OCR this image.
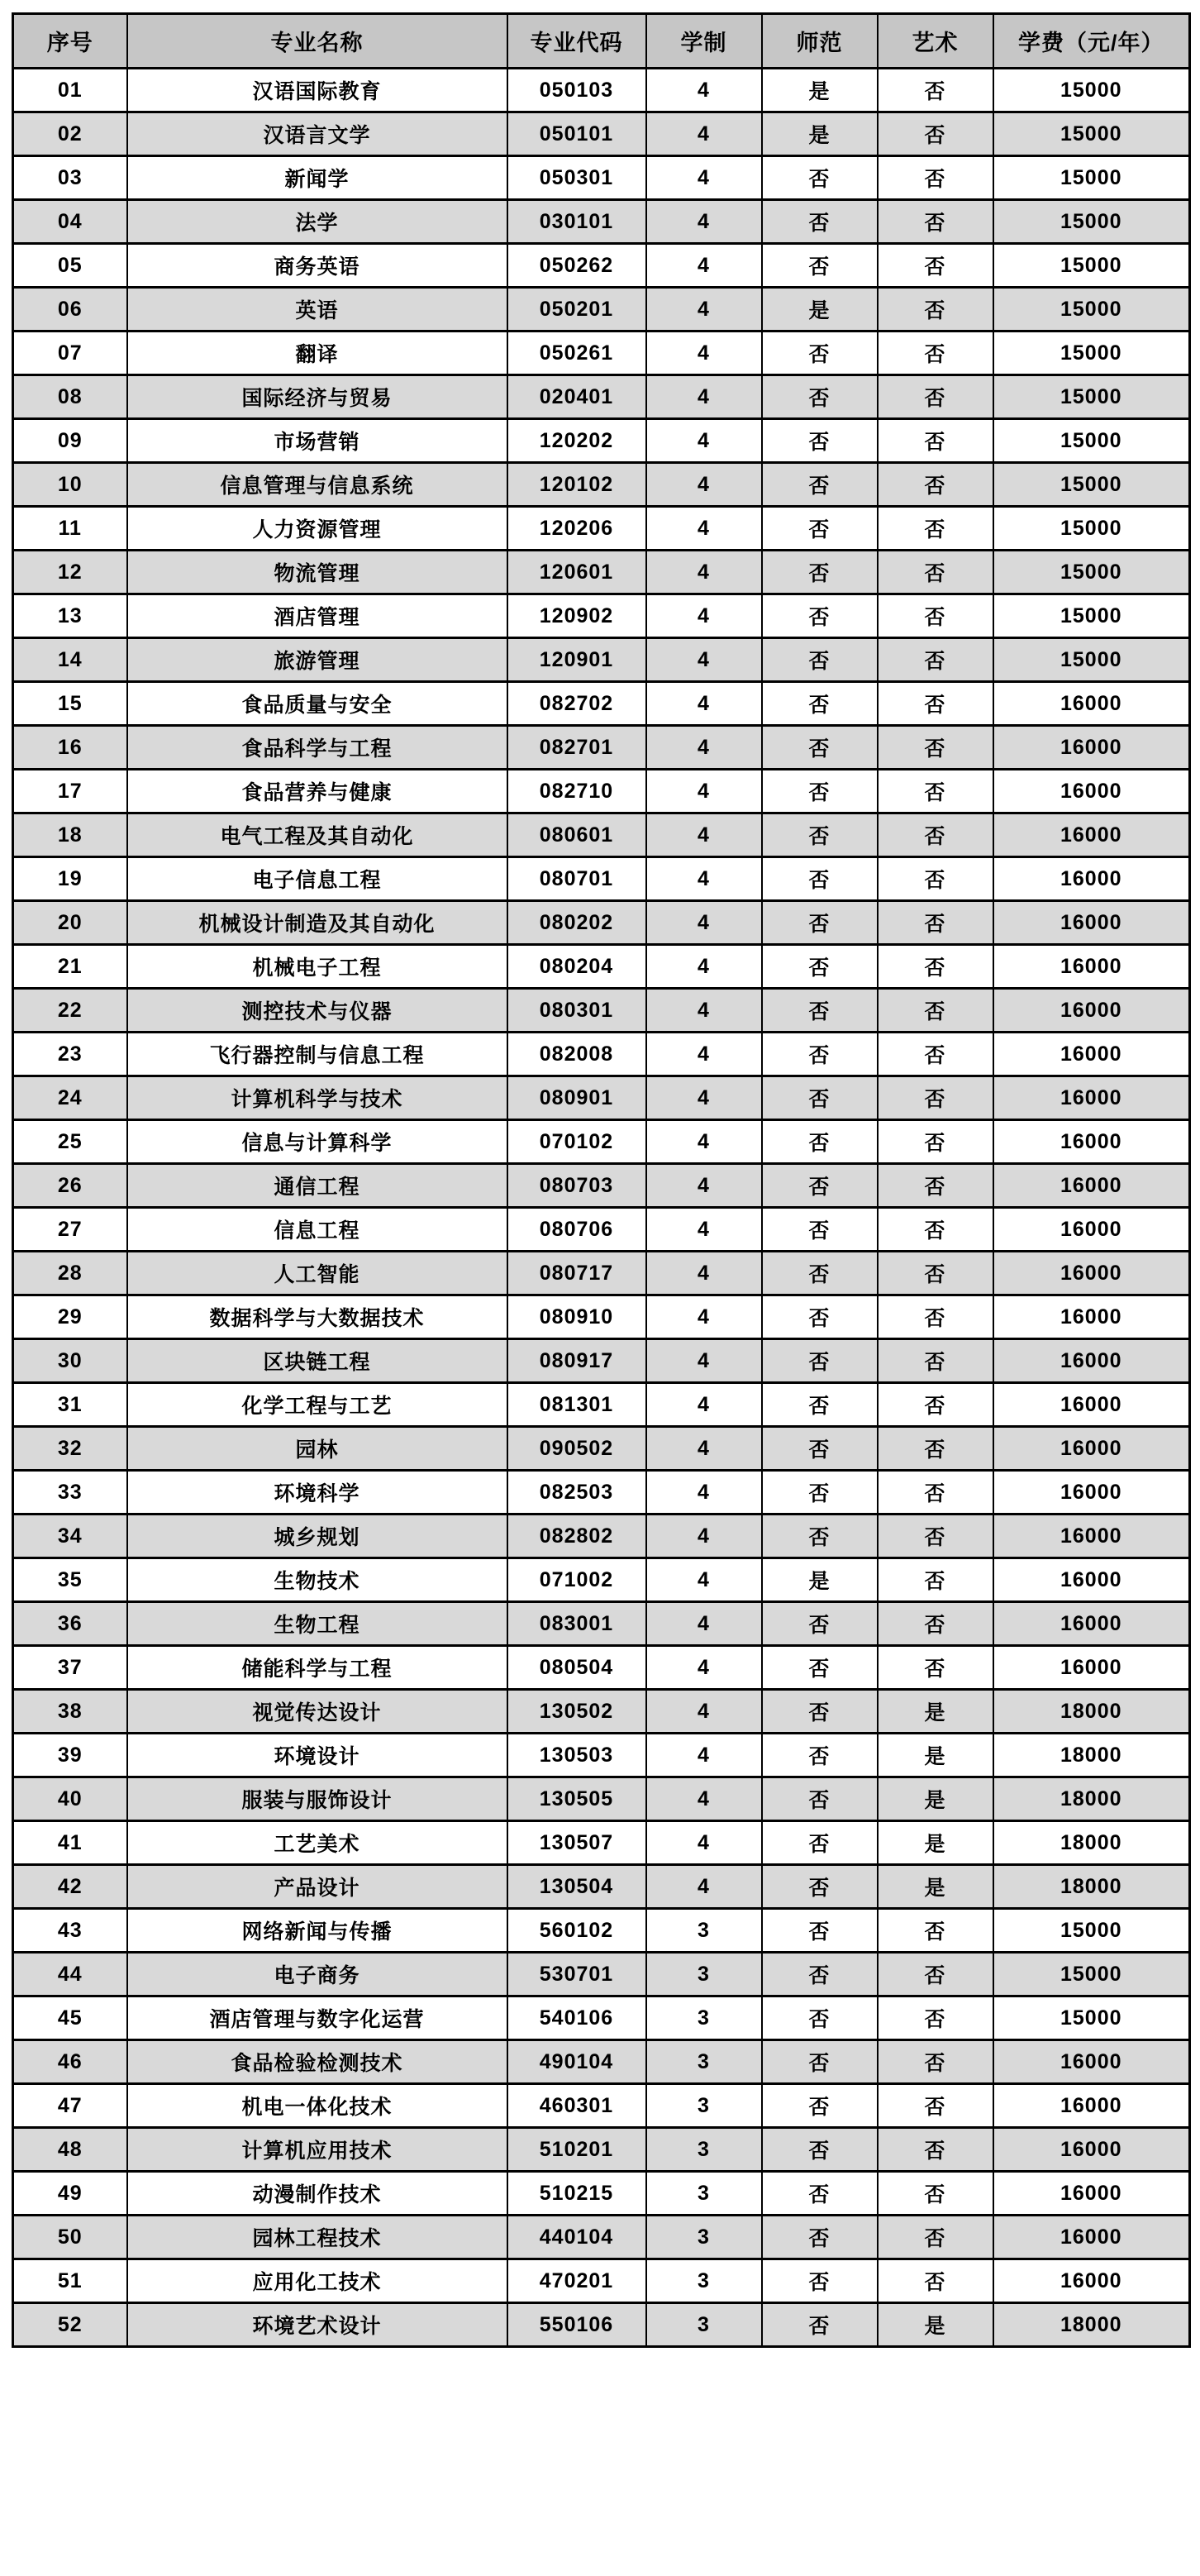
序号	专业名称	专业代码	学制	师范	艺术	学费（元/年）
01	汉语国际教育	050103	4	是	否	15000
02	汉语言文学	050101	4	是	否	15000
03	新闻学	050301	4	否	否	15000
04	法学	030101	4	否	否	15000
05	商务英语	050262	4	否	否	15000
06	英语	050201	4	是	否	15000
07	翻译	050261	4	否	否	15000
08	国际经济与贸易	020401	4	否	否	15000
09	市场营销	120202	4	否	否	15000
10	信息管理与信息系统	120102	4	否	否	15000
11	人力资源管理	120206	4	否	否	15000
12	物流管理	120601	4	否	否	15000
13	酒店管理	120902	4	否	否	15000
14	旅游管理	120901	4	否	否	15000
15	食品质量与安全	082702	4	否	否	16000
16	食品科学与工程	082701	4	否	否	16000
17	食品营养与健康	082710	4	否	否	16000
18	电气工程及其自动化	080601	4	否	否	16000
19	电子信息工程	080701	4	否	否	16000
20	机械设计制造及其自动化	080202	4	否	否	16000
21	机械电子工程	080204	4	否	否	16000
22	测控技术与仪器	080301	4	否	否	16000
23	飞行器控制与信息工程	082008	4	否	否	16000
24	计算机科学与技术	080901	4	否	否	16000
25	信息与计算科学	070102	4	否	否	16000
26	通信工程	080703	4	否	否	16000
27	信息工程	080706	4	否	否	16000
28	人工智能	080717	4	否	否	16000
29	数据科学与大数据技术	080910	4	否	否	16000
30	区块链工程	080917	4	否	否	16000
31	化学工程与工艺	081301	4	否	否	16000
32	园林	090502	4	否	否	16000
33	环境科学	082503	4	否	否	16000
34	城乡规划	082802	4	否	否	16000
35	生物技术	071002	4	是	否	16000
36	生物工程	083001	4	否	否	16000
37	储能科学与工程	080504	4	否	否	16000
38	视觉传达设计	130502	4	否	是	18000
39	环境设计	130503	4	否	是	18000
40	服装与服饰设计	130505	4	否	是	18000
41	工艺美术	130507	4	否	是	18000
42	产品设计	130504	4	否	是	18000
43	网络新闻与传播	560102	3	否	否	15000
44	电子商务	530701	3	否	否	15000
45	酒店管理与数字化运营	540106	3	否	否	15000
46	食品检验检测技术	490104	3	否	否	16000
47	机电一体化技术	460301	3	否	否	16000
48	计算机应用技术	510201	3	否	否	16000
49	动漫制作技术	510215	3	否	否	16000
50	园林工程技术	440104	3	否	否	16000
51	应用化工技术	470201	3	否	否	16000
52	环境艺术设计	550106	3	否	是	18000
